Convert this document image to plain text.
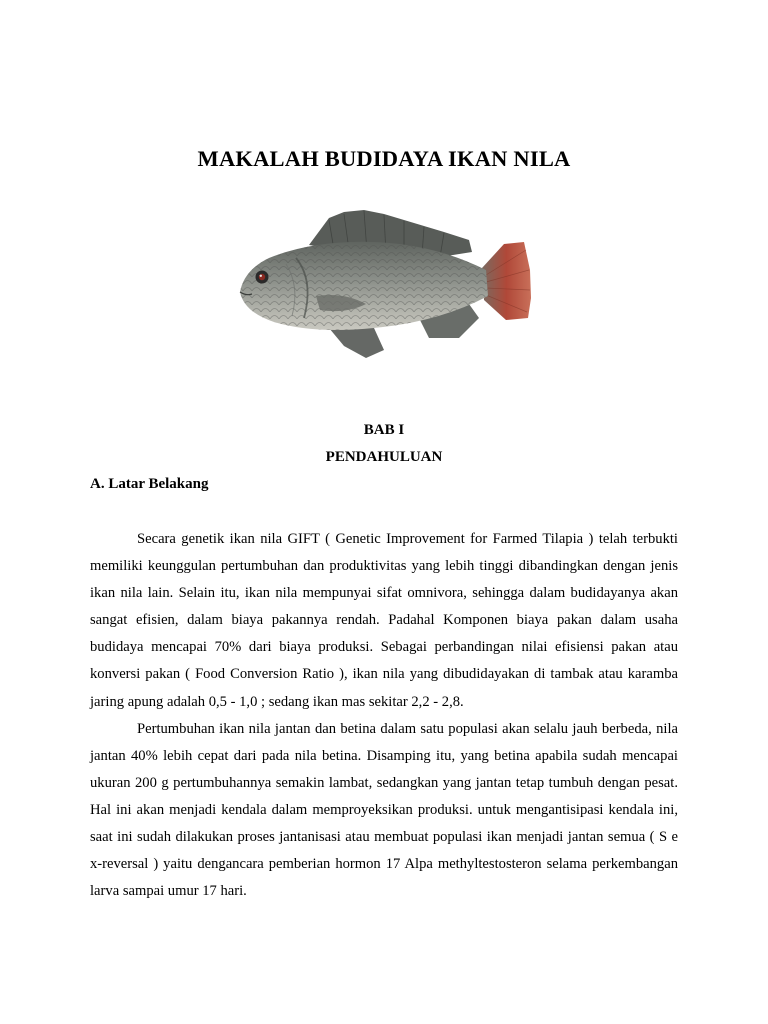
MAKALAH BUDIDAYA IKAN NILA

BAB I

PENDAHULUAN

A. Latar Belakang

Secara genetik ikan nila GIFT ( Genetic Improvement for Farmed Tilapia ) telah terbukti memiliki keunggulan pertumbuhan dan produktivitas yang lebih tinggi dibandingkan dengan jenis ikan nila lain. Selain itu, ikan nila mempunyai sifat omnivora, sehingga dalam budidayanya akan sangat efisien, dalam biaya pakannya rendah. Padahal Komponen biaya pakan dalam usaha budidaya mencapai 70% dari biaya produksi. Sebagai perbandingan nilai efisiensi pakan atau konversi pakan ( Food Conversion Ratio ), ikan nila yang dibudidayakan di tambak atau karamba jaring apung adalah 0,5 - 1,0 ; sedang ikan mas sekitar 2,2 - 2,8.

Pertumbuhan ikan nila jantan dan betina dalam satu populasi akan selalu jauh berbeda, nila jantan 40% lebih cepat dari pada nila betina. Disamping itu, yang betina apabila sudah mencapai ukuran 200 g pertumbuhannya semakin lambat, sedangkan yang jantan tetap tumbuh dengan pesat. Hal ini akan menjadi kendala dalam memproyeksikan produksi. untuk mengantisipasi kendala ini, saat ini sudah dilakukan proses jantanisasi atau membuat populasi ikan menjadi jantan semua ( S e x-reversal ) yaitu dengancara pemberian hormon 17 Alpa methyltestosteron selama perkembangan larva sampai umur 17 hari.
